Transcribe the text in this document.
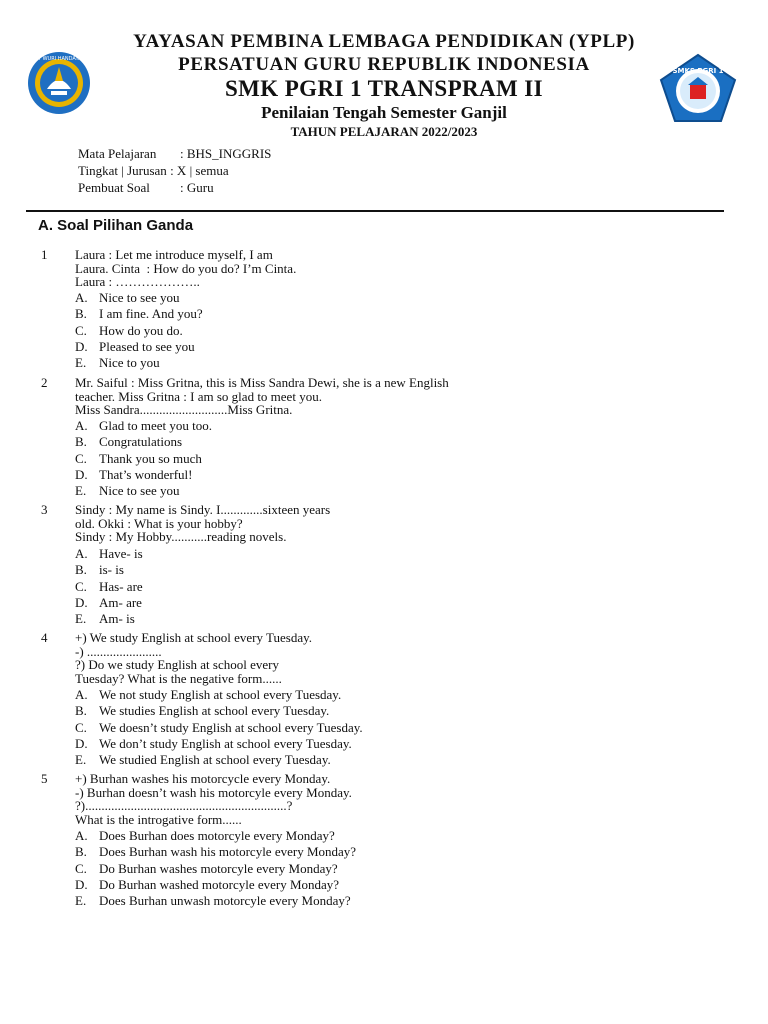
TUT WURI HANDAYANI
SMKS PGRI 1
YAYASAN PEMBINA LEMBAGA PENDIDIKAN (YPLP)
PERSATUAN GURU REPUBLIK INDONESIA
SMK PGRI 1 TRANSPRAM II
Penilaian Tengah Semester Ganjil
TAHUN PELAJARAN 2022/2023
Mata Pelajaran	: BHS_INGGRIS
Tingkat | Jurusan : X | semua
Pembuat Soal	: Guru
A. Soal Pilihan Ganda
1 Laura : Let me introduce myself, I am
Laura. Cinta  : How do you do? I’m Cinta.
Laura : ………………..
A. Nice to see you
B. I am fine. And you?
C. How do you do.
D. Pleased to see you
E. Nice to you
2 Mr. Saiful : Miss Gritna, this is Miss Sandra Dewi, she is a new English
teacher. Miss Gritna : I am so glad to meet you.
Miss Sandra...........................Miss Gritna.
A. Glad to meet you too.
B. Congratulations
C. Thank you so much
D. That’s wonderful!
E. Nice to see you
3 Sindy : My name is Sindy. I.............sixteen years
old. Okki : What is your hobby?
Sindy : My Hobby...........reading novels.
A. Have- is
B. is- is
C. Has- are
D. Am- are
E. Am- is
4 +) We study English at school every Tuesday.
-) .......................
?) Do we study English at school every
Tuesday? What is the negative form......
A. We not study English at school every Tuesday.
B. We studies English at school every Tuesday.
C. We doesn’t study English at school every Tuesday.
D. We don’t study English at school every Tuesday.
E. We studied English at school every Tuesday.
5 +) Burhan washes his motorcycle every Monday.
-) Burhan doesn’t wash his motorcyle every Monday.
?)..............................................................?
What is the introgative form......
A. Does Burhan does motorcyle every Monday?
B. Does Burhan wash his motorcyle every Monday?
C. Do Burhan washes motorcyle every Monday?
D. Do Burhan washed motorcyle every Monday?
E. Does Burhan unwash motorcyle every Monday?
